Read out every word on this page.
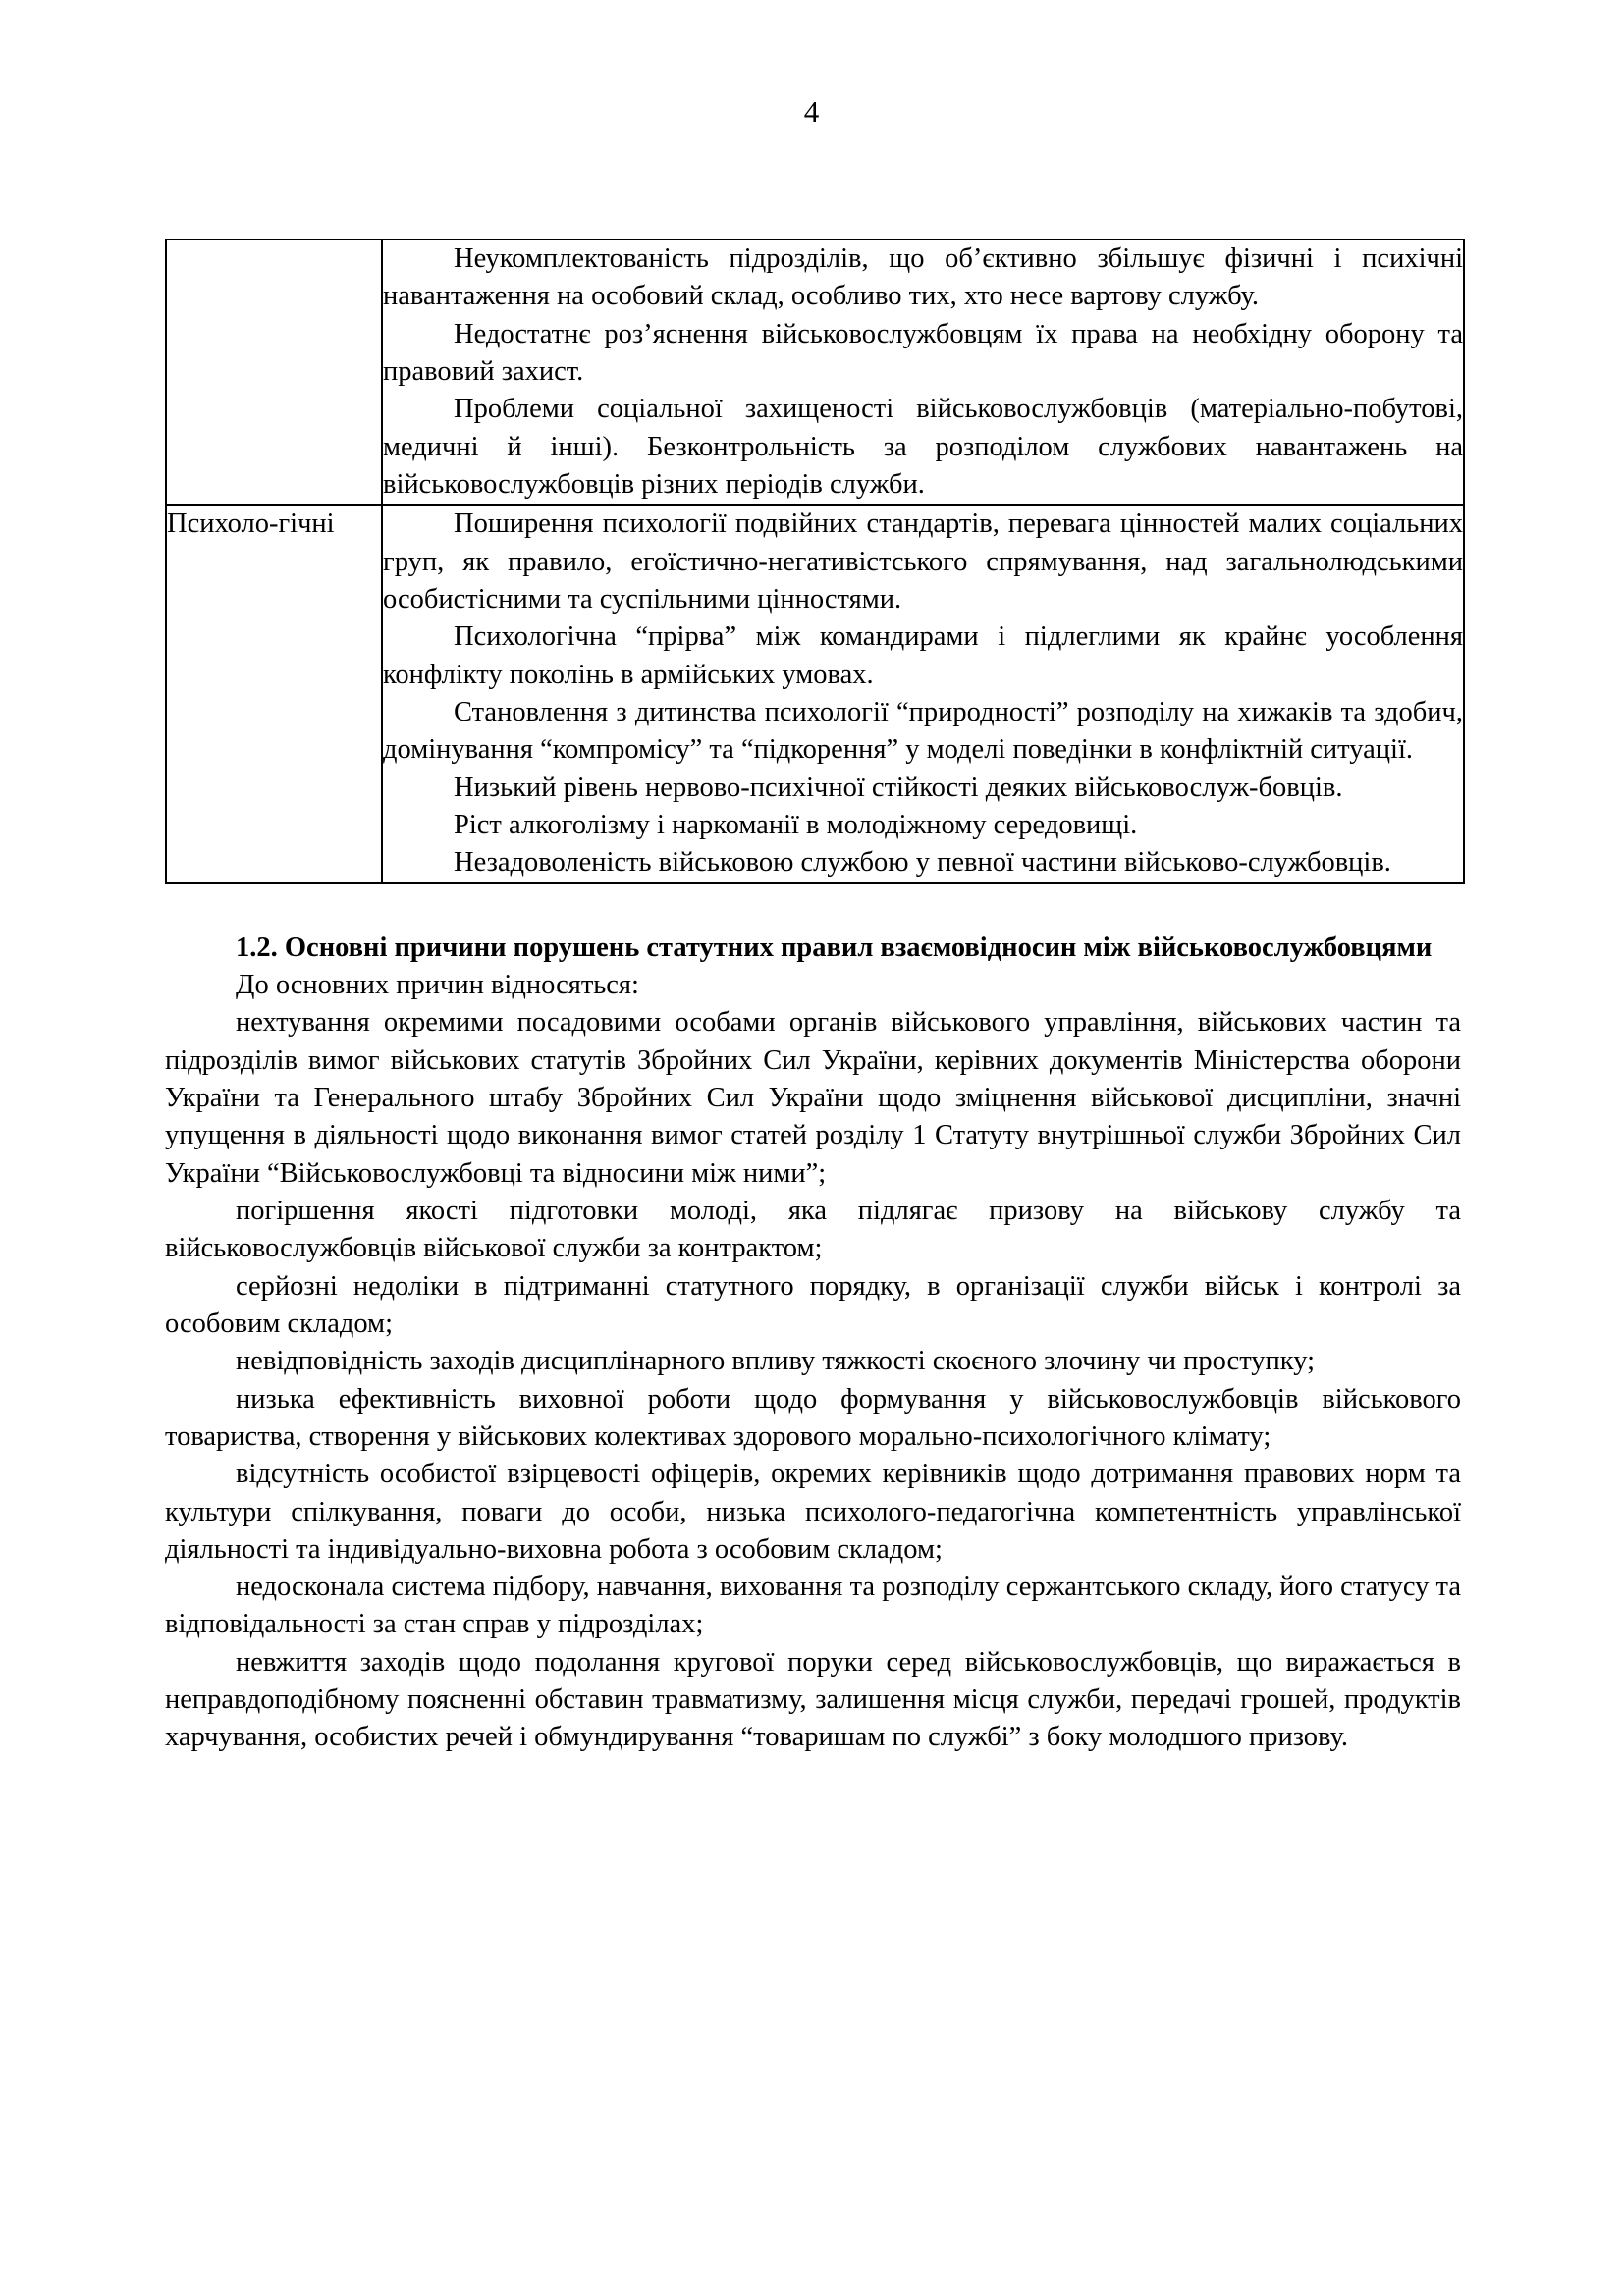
4

	Неукомплектованість підрозділів, що об’єктивно збільшує фізичні і психічні навантаження на особовий склад, особливо тих, хто несе вартову службу.

Недостатнє роз’яснення військовослужбовцям їх права на необхідну оборону та правовий захист.

Проблеми соціальної захищеності військовослужбовців (матеріально-побутові, медичні й інші). Безконтрольність за розподілом службових навантажень на військовослужбовців різних періодів служби.

Психоло-гічні	Поширення психології подвійних стандартів, перевага цінностей малих соціальних груп, як правило, егоїстично-негативістського спрямування, над загальнолюдськими особистісними та суспільними цінностями.

Психологічна “прірва” між командирами і підлеглими як крайнє уособлення конфлікту поколінь в армійських умовах.

Становлення з дитинства психології “природності” розподілу на хижаків та здобич, домінування “компромісу” та “підкорення” у моделі поведінки в конфліктній ситуації.

Низький рівень нервово-психічної стійкості деяких військовослуж-бовців.

Ріст алкоголізму і наркоманії в молодіжному середовищі.

Незадоволеність військовою службою у певної частини військово-службовців.

1.2. Основні причини порушень статутних правил взаємовідносин між військовослужбовцями

До основних причин відносяться:

нехтування окремими посадовими особами органів військового управління, військових частин та підрозділів вимог військових статутів Збройних Сил України, керівних документів Міністерства оборони України та Генерального штабу Збройних Сил України щодо зміцнення військової дисципліни, значні упущення в діяльності щодо виконання вимог статей розділу 1 Статуту внутрішньої служби Збройних Сил України “Військовослужбовці та відносини між ними”;

погіршення якості підготовки молоді, яка підлягає призову на військову службу та військовослужбовців військової служби за контрактом;

серйозні недоліки в підтриманні статутного порядку, в організації служби військ і контролі за особовим складом;

невідповідність заходів дисциплінарного впливу тяжкості скоєного злочину чи проступку;

низька ефективність виховної роботи щодо формування у військовослужбовців військового товариства, створення у військових колективах здорового морально-психологічного клімату;

відсутність особистої взірцевості офіцерів, окремих керівників щодо дотримання правових норм та культури спілкування, поваги до особи, низька психолого-педагогічна компетентність управлінської діяльності та індивідуально-виховна робота з особовим складом;

недосконала система підбору, навчання, виховання та розподілу сержантського складу, його статусу та відповідальності за стан справ у підрозділах;

невжиття заходів щодо подолання кругової поруки серед військовослужбовців, що виражається в неправдоподібному поясненні обставин травматизму, залишення місця служби, передачі грошей, продуктів харчування, особистих речей і обмундирування “товаришам по службі” з боку молодшого призову.
